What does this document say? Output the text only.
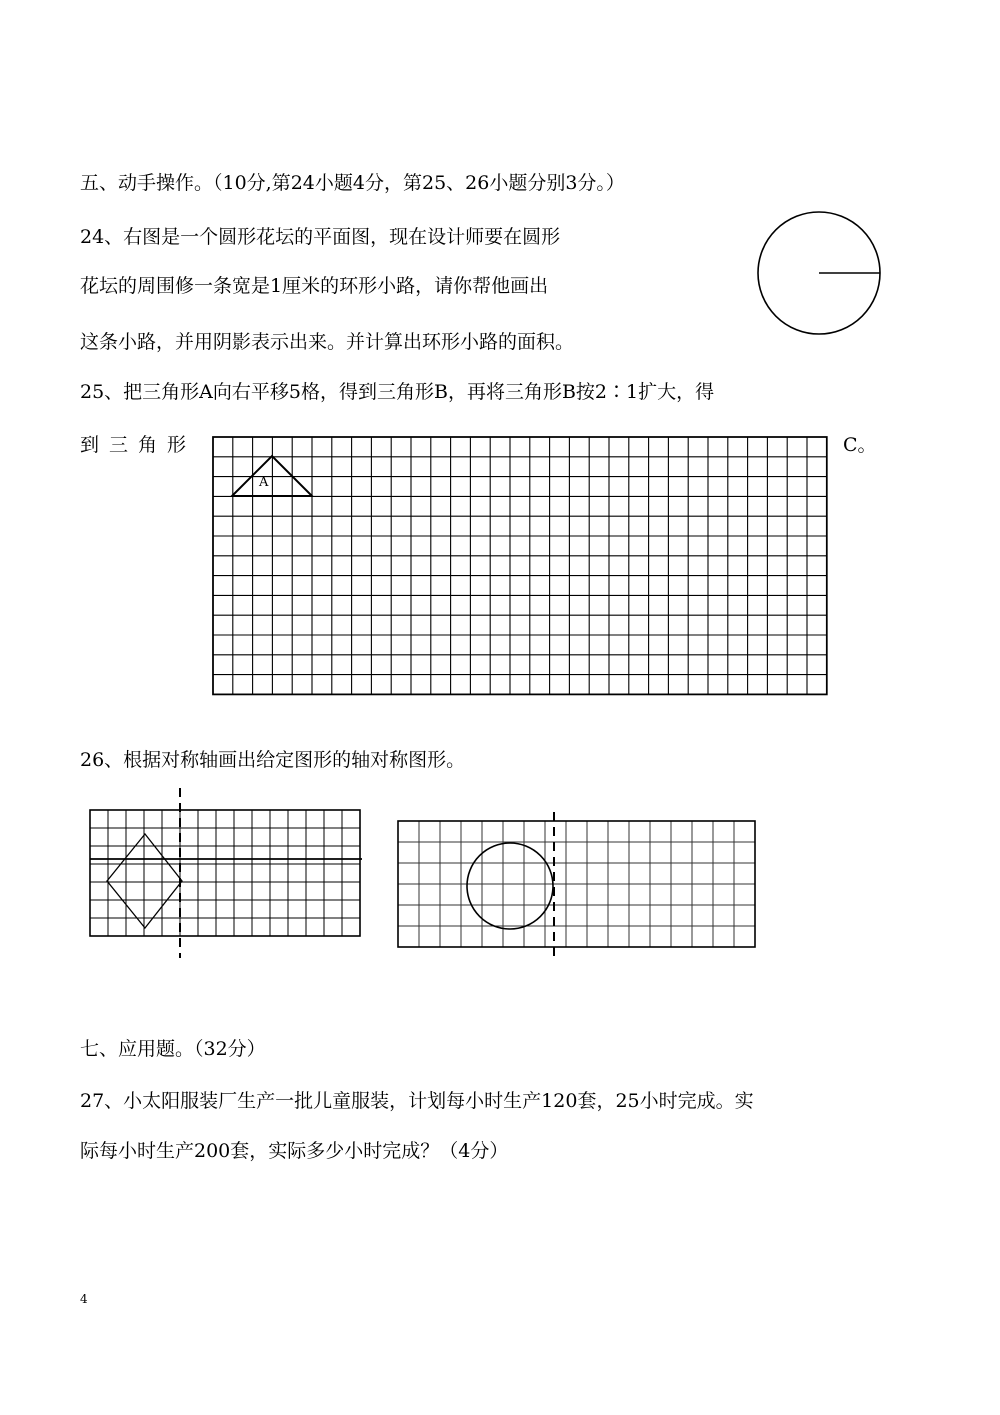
五、动手操作。（10分,第24小题4分，第25、26小题分别3分。）
24、右图是一个圆形花坛的平面图，现在设计师要在圆形
花坛的周围修一条宽是1厘米的环形小路，请你帮他画出
这条小路，并用阴影表示出来。并计算出环形小路的面积。
25、把三角形A向右平移5格，得到三角形B，再将三角形B按2∶1扩大，得
到三角形	C。
A
26、根据对称轴画出给定图形的轴对称图形。
七、应用题。（32分）
27、小太阳服装厂生产一批儿童服装，计划每小时生产120套，25小时完成。实
际每小时生产200套，实际多少小时完成？（4分）
4
